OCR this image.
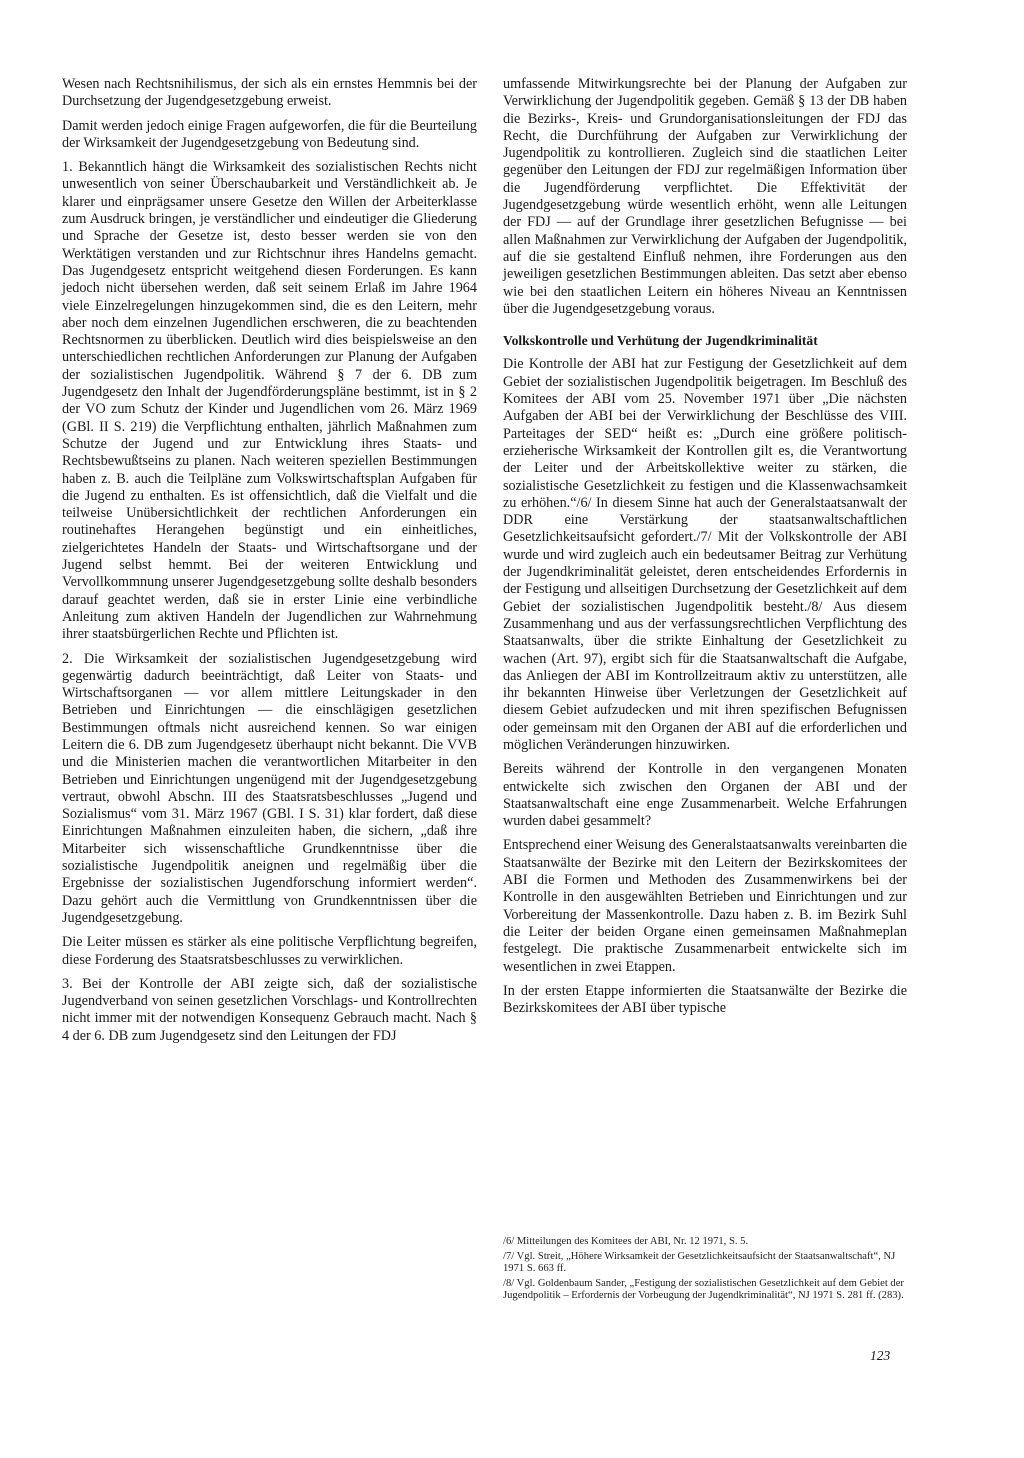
Wesen nach Rechtsnihilismus, der sich als ein ernstes Hemmnis bei der Durchsetzung der Jugendgesetzgebung erweist.

Damit werden jedoch einige Fragen aufgeworfen, die für die Beurteilung der Wirksamkeit der Jugendgesetzgebung von Bedeutung sind.

1. Bekanntlich hängt die Wirksamkeit des sozialistischen Rechts nicht unwesentlich von seiner Überschaubarkeit und Verständlichkeit ab. Je klarer und einprägsamer unsere Gesetze den Willen der Arbeiterklasse zum Ausdruck bringen, je verständlicher und eindeutiger die Gliederung und Sprache der Gesetze ist, desto besser werden sie von den Werktätigen verstanden und zur Richtschnur ihres Handelns gemacht. Das Jugendgesetz entspricht weitgehend diesen Forderungen. Es kann jedoch nicht übersehen werden, daß seit seinem Erlaß im Jahre 1964 viele Einzelregelungen hinzugekommen sind, die es den Leitern, mehr aber noch dem einzelnen Jugendlichen erschweren, die zu beachtenden Rechtsnormen zu überblicken. Deutlich wird dies beispielsweise an den unterschiedlichen rechtlichen Anforderungen zur Planung der Aufgaben der sozialistischen Jugendpolitik. Während § 7 der 6. DB zum Jugendgesetz den Inhalt der Jugendförderungspläne bestimmt, ist in § 2 der VO zum Schutz der Kinder und Jugendlichen vom 26. März 1969 (GBl. II S. 219) die Verpflichtung enthalten, jährlich Maßnahmen zum Schutze der Jugend und zur Entwicklung ihres Staats- und Rechtsbewußtseins zu planen. Nach weiteren speziellen Bestimmungen haben z. B. auch die Teilpläne zum Volkswirtschaftsplan Aufgaben für die Jugend zu enthalten. Es ist offensichtlich, daß die Vielfalt und die teilweise Unübersichtlichkeit der rechtlichen Anforderungen ein routinehaftes Herangehen begünstigt und ein einheitliches, zielgerichtetes Handeln der Staats- und Wirtschaftsorgane und der Jugend selbst hemmt. Bei der weiteren Entwicklung und Vervollkommnung unserer Jugendgesetzgebung sollte deshalb besonders darauf geachtet werden, daß sie in erster Linie eine verbindliche Anleitung zum aktiven Handeln der Jugendlichen zur Wahrnehmung ihrer staatsbürgerlichen Rechte und Pflichten ist.

2. Die Wirksamkeit der sozialistischen Jugendgesetzgebung wird gegenwärtig dadurch beeinträchtigt, daß Leiter von Staats- und Wirtschaftsorganen — vor allem mittlere Leitungskader in den Betrieben und Einrichtungen — die einschlägigen gesetzlichen Bestimmungen oftmals nicht ausreichend kennen. So war einigen Leitern die 6. DB zum Jugendgesetz überhaupt nicht bekannt. Die VVB und die Ministerien machen die verantwortlichen Mitarbeiter in den Betrieben und Einrichtungen ungenügend mit der Jugendgesetzgebung vertraut, obwohl Abschn. III des Staatsratsbeschlusses „Jugend und Sozialismus“ vom 31. März 1967 (GBl. I S. 31) klar fordert, daß diese Einrichtungen Maßnahmen einzuleiten haben, die sichern, „daß ihre Mitarbeiter sich wissenschaftliche Grundkenntnisse über die sozialistische Jugendpolitik aneignen und regelmäßig über die Ergebnisse der sozialistischen Jugendforschung informiert werden“. Dazu gehört auch die Vermittlung von Grundkenntnissen über die Jugendgesetzgebung.

Die Leiter müssen es stärker als eine politische Verpflichtung begreifen, diese Forderung des Staatsratsbeschlusses zu verwirklichen.

3. Bei der Kontrolle der ABI zeigte sich, daß der sozialistische Jugendverband von seinen gesetzlichen Vorschlags- und Kontrollrechten nicht immer mit der notwendigen Konsequenz Gebrauch macht. Nach § 4 der 6. DB zum Jugendgesetz sind den Leitungen der FDJ

umfassende Mitwirkungsrechte bei der Planung der Aufgaben zur Verwirklichung der Jugendpolitik gegeben. Gemäß § 13 der DB haben die Bezirks-, Kreis- und Grundorganisationsleitungen der FDJ das Recht, die Durchführung der Aufgaben zur Verwirklichung der Jugendpolitik zu kontrollieren. Zugleich sind die staatlichen Leiter gegenüber den Leitungen der FDJ zur regelmäßigen Information über die Jugendförderung verpflichtet. Die Effektivität der Jugendgesetzgebung würde wesentlich erhöht, wenn alle Leitungen der FDJ — auf der Grundlage ihrer gesetzlichen Befugnisse — bei allen Maßnahmen zur Verwirklichung der Aufgaben der Jugendpolitik, auf die sie gestaltend Einfluß nehmen, ihre Forderungen aus den jeweiligen gesetzlichen Bestimmungen ableiten. Das setzt aber ebenso wie bei den staatlichen Leitern ein höheres Niveau an Kenntnissen über die Jugendgesetzgebung voraus.

Volkskontrolle und Verhütung der Jugendkriminalität

Die Kontrolle der ABI hat zur Festigung der Gesetzlichkeit auf dem Gebiet der sozialistischen Jugendpolitik beigetragen. Im Beschluß des Komitees der ABI vom 25. November 1971 über „Die nächsten Aufgaben der ABI bei der Verwirklichung der Beschlüsse des VIII. Parteitages der SED“ heißt es: „Durch eine größere politisch-erzieherische Wirksamkeit der Kontrollen gilt es, die Verantwortung der Leiter und der Arbeitskollektive weiter zu stärken, die sozialistische Gesetzlichkeit zu festigen und die Klassenwachsamkeit zu erhöhen.“/6/ In diesem Sinne hat auch der Generalstaatsanwalt der DDR eine Verstärkung der staatsanwaltschaftlichen Gesetzlichkeitsaufsicht gefordert./7/ Mit der Volkskontrolle der ABI wurde und wird zugleich auch ein bedeutsamer Beitrag zur Verhütung der Jugendkriminalität geleistet, deren entscheidendes Erfordernis in der Festigung und allseitigen Durchsetzung der Gesetzlichkeit auf dem Gebiet der sozialistischen Jugendpolitik besteht./8/ Aus diesem Zusammenhang und aus der verfassungsrechtlichen Verpflichtung des Staatsanwalts, über die strikte Einhaltung der Gesetzlichkeit zu wachen (Art. 97), ergibt sich für die Staatsanwaltschaft die Aufgabe, das Anliegen der ABI im Kontrollzeitraum aktiv zu unterstützen, alle ihr bekannten Hinweise über Verletzungen der Gesetzlichkeit auf diesem Gebiet aufzudecken und mit ihren spezifischen Befugnissen oder gemeinsam mit den Organen der ABI auf die erforderlichen und möglichen Veränderungen hinzuwirken.

Bereits während der Kontrolle in den vergangenen Monaten entwickelte sich zwischen den Organen der ABI und der Staatsanwaltschaft eine enge Zusammenarbeit. Welche Erfahrungen wurden dabei gesammelt?

Entsprechend einer Weisung des Generalstaatsanwalts vereinbarten die Staatsanwälte der Bezirke mit den Leitern der Bezirkskomitees der ABI die Formen und Methoden des Zusammenwirkens bei der Kontrolle in den ausgewählten Betrieben und Einrichtungen und zur Vorbereitung der Massenkontrolle. Dazu haben z. B. im Bezirk Suhl die Leiter der beiden Organe einen gemeinsamen Maßnahmeplan festgelegt. Die praktische Zusammenarbeit entwickelte sich im wesentlichen in zwei Etappen.

In der ersten Etappe informierten die Staatsanwälte der Bezirke die Bezirkskomitees der ABI über typische

/6/ Mitteilungen des Komitees der ABI, Nr. 12 1971, S. 5.

/7/ Vgl. Streit, „Höhere Wirksamkeit der Gesetzlichkeitsaufsicht der Staatsanwaltschaft“, NJ 1971 S. 663 ff.

/8/ Vgl. Goldenbaum Sander, „Festigung der sozialistischen Gesetzlichkeit auf dem Gebiet der Jugendpolitik – Erfordernis der Vorbeugung der Jugendkriminalität“, NJ 1971 S. 281 ff. (283).

123
